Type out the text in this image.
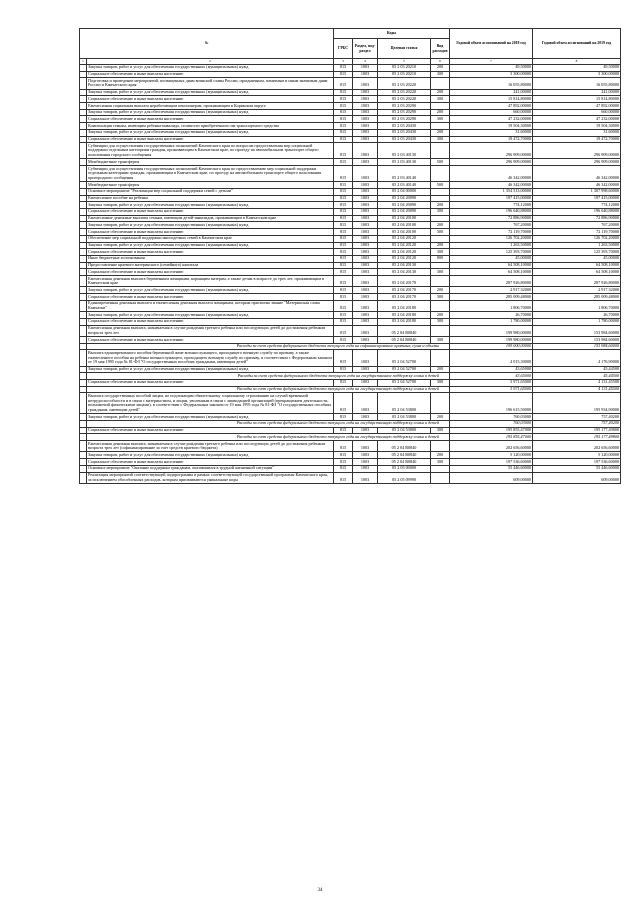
№		Коды				Годовой объем ассигнований на 2018 год	Годовой объем ассигнований на 2019 год
		ГРБС	Раздел, под-раздел	Целевая статья	Вид расходов		
1	2	3	4	5	6	7	8
	Закупка товаров, работ и услуг для обеспечения государственных (муниципальных) нужд	815	1003	05 2 03 20210	200	49,50000	49,50000
	Социальное обеспечение и иные выплаты населению	815	1003	05 2 03 20210	300	3 300,00000	3 300,00000
	Подготовка и проведение мероприятий, посвященных дням воинской славы России, праздничным, памятным и иным значимым дням России и Камчатского края	815	1003	05 2 03 20220		16 055,80000	16 055,80000
	Закупка товаров, работ и услуг для обеспечения государственных (муниципальных) нужд	815	1003	05 2 03 20220	200	241,00000	241,00000
	Социальное обеспечение и иные выплаты населению	815	1003	05 2 03 20220	300	15 814,80000	15 814,80000
	Ежемесячная социальная выплата неработающим пенсионерам, проживающим в Корякском округе	815	1003	05 2 03 20290		47 892,00000	47 892,00000
	Закупка товаров, работ и услуг для обеспечения государственных (муниципальных) нужд	815	1003	05 2 03 20290	200	660,00000	660,00000
	Социальное обеспечение и иные выплаты населению	815	1003	05 2 03 20290	300	47 232,00000	47 232,00000
	Компенсация семьям, имеющим ребенка-инвалида, стоимости приобретенного им транспортного средства	815	1003	05 2 03 20430		19 504,30000	19 504,30000
	Закупка товаров, работ и услуг для обеспечения государственных (муниципальных) нужд	815	1003	05 2 03 20430	200	31,60000	31,60000
	Социальное обеспечение и иные выплаты населению	815	1003	05 2 03 20430	300	19 472,70000	19 472,70000
	Субвенции для осуществления государственных полномочий Камчатского края по вопросам предоставления мер социальной поддержки отдельным категориям граждан, проживающим в Камчатском крае, по проезду на автомобильном транспорте общего пользования городского сообщения	815	1003	05 2 03 40130		296 909,00000	296 909,00000
	Межбюджетные трансферты	815	1003	05 2 03 40130	500	296 909,00000	296 909,00000
	Субвенции для осуществления государственных полномочий Камчатского края по предоставлению мер социальной поддержки отдельным категориям граждан, проживающим в Камчатском крае, по проезду на автомобильном транспорте общего пользования пригородного сообщения	815	1003	05 2 03 40140		46 342,00000	46 342,00000
	Межбюджетные трансферты	815	1003	05 2 03 40140	500	46 342,00000	46 342,00000
	Основное мероприятие "Реализация мер социальной поддержки семей с детьми"	815	1003	05 2 04 00000		1 354 513,00000	1 307 998,60000
	Ежемесячное пособие на ребенка	815	1003	05 2 04 20090		197 415,00000	197 415,00000
	Закупка товаров, работ и услуг для обеспечения государственных (муниципальных) нужд	815	1003	05 2 04 20090	200	774,12000	774,12000
	Социальное обеспечение и иные выплаты населению	815	1003	05 2 04 20090	300	196 640,88000	196 640,88000
	Ежемесячные денежные выплаты семьям, имеющим детей-инвалидов, проживающим в Камчатском крае	815	1003	05 2 04 20100		72 886,90000	72 886,90000
	Закупка товаров, работ и услуг для обеспечения государственных (муниципальных) нужд	815	1003	05 2 04 20100	200	767,20000	767,20000
	Социальное обеспечение и иные выплаты населению	815	1003	05 2 04 20100	300	72 119,70000	72 119,70000
	Обеспечение мер социальной поддержки многодетных семей в Камчатском крае	815	1003	05 2 04 20120		126 702,20000	126 702,20000
	Закупка товаров, работ и услуг для обеспечения государственных (муниципальных) нужд	815	1003	05 2 04 20120	200	1 263,50000	1 263,50000
	Социальное обеспечение и иные выплаты населению	815	1003	05 2 04 20120	300	125 393,70000	125 393,70000
	Иные бюджетные ассигнования	815	1003	05 2 04 20120	800	45,00000	45,00000
	Предоставление краевого материнского (семейного) капитала	815	1003	05 2 04 20130		64 508,10000	64 508,10000
	Социальное обеспечение и иные выплаты населению	815	1003	05 2 04 20130	300	64 508,10000	64 508,10000
	Ежемесячная денежная выплата беременным женщинам, кормящим матерям, а также детям в возрасте до трех лет, проживающим в Камчатском крае	815	1003	05 2 04 20170		287 926,80000	287 926,80000
	Закупка товаров, работ и услуг для обеспечения государственных (муниципальных) нужд	815	1003	05 2 04 20170	200	2 917,32000	2 917,32000
	Социальное обеспечение и иные выплаты населению	815	1003	05 2 04 20170	300	285 009,48000	285 009,48000
	Единовременная денежная выплата и ежемесячная денежная выплата женщинам, которым присвоено звание "Материнская слава Камчатки"	815	1003	05 2 04 20180		1 806,70000	1 806,70000
	Закупка товаров, работ и услуг для обеспечения государственных (муниципальных) нужд	815	1003	05 2 04 20180	200	26,70000	26,70000
	Социальное обеспечение и иные выплаты населению	815	1003	05 2 04 20180	300	1 780,00000	1 780,00000
	Ежемесячная денежная выплата, назначаемая в случае рождения третьего ребенка или последующих детей до достижения ребенком возраста трех лет	815	1003	05 2 04 R0840		199 980,00000	153 984,60000
	Социальное обеспечение и иные выплаты населению	815	1003	05 2 04 R0840	300	199 980,00000	153 984,60000
	Расходы за счет средств федерального бюджета текущего года на софинансирование кратных, сумм и объемы					109 000,00000	153 984,60000
	Выплата единовременного пособия беременной жене военнослужащего, проходящего военную службу по призыву, а также ежемесячного пособия на ребенка военнослужащего, проходящего военную службу по призыву, в соответствии с Федеральным законом от 19 мая 1995 года № 81-ФЗ "О государственных пособиях гражданам, имеющим детей"	815	1003	05 2 04 52700		4 015,30000	4 176,90000
	Закупка товаров, работ и услуг для обеспечения государственных (муниципальных) нужд	815	1003	05 2 04 52700	200	43,65000	45,44500
	Расходы за счет средств федерального бюджета текущего года на государственное поддержку семьи и детей					43,65000	45,44500
	Социальное обеспечение и иные выплаты населению	815	1003	05 2 04 52700	300	3 971,65000	4 131,45500
	Расходы за счет средств федерального бюджета текущего года на государственную поддержку семьи и детей					3 971,65000	4 131,45500
	Выплата государственных пособий лицам, не подлежащим обязательному социальному страхованию на случай временной нетрудоспособности и в связи с материнством, и лицам, уволенным в связи с ликвидацией организаций (прекращением деятельности, полномочий физическими лицами), в соответствии с Федеральным законом от 19 мая 1995 года № 81-ФЗ "О государственных пособиях гражданам, имеющим детей"	815	1003	05 2 04 53800		196 615,50000	195 934,90000
	Закупка товаров, работ и услуг для обеспечения государственных (муниципальных) нужд	815	1003	05 2 04 53800	200	760,03000	757,40200
	Расходы за счет средств федерального бюджета текущего года на государственную поддержку семьи и детей					760,03000	757,40200
	Социальное обеспечение и иные выплаты населению	815	1003	05 2 04 53800	300	195 855,47000	195 177,49800
	Расходы за счет средств федерального бюджета текущего года на государственную поддержку семьи и детей					195 855,47000	195 177,49800
	Ежемесячная денежная выплата, назначаемая в случае рождения третьего ребенка или последующих детей до достижения ребенком возраста трех лет (софинансирование за счет средств краевого бюджета)	815	1003	05 2 04 R0840		202 656,60000	202 656,60000
	Закупка товаров, работ и услуг для обеспечения государственных (муниципальных) нужд	815	1003	05 2 04 R0840	200	5 120,00000	5 120,00000
	Социальное обеспечение и иные выплаты населению	815	1003	05 2 04 R0840	300	197 536,60000	197 536,60000
	Основное мероприятие "Оказание поддержки гражданам, оказавшимся в трудной жизненной ситуации"	815	1003	05 2 05 00000		55 446,60000	55 446,60000
	Реализация мероприятий соответствующей подпрограммы в рамках соответствующей государственной программы Камчатского края, за исключением обособленных расходов, которым присваиваются уникальные коды	815	1003	05 2 05 09990		609,00000	609,00000
34
